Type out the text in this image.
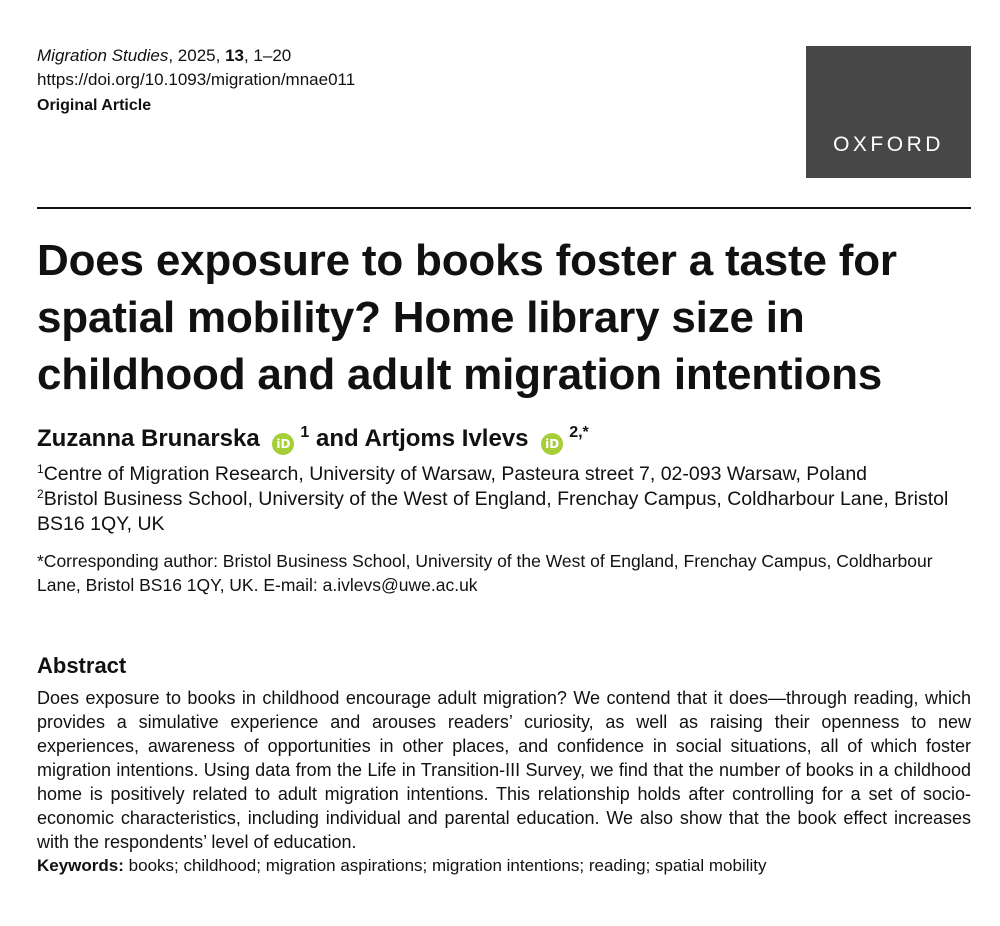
Migration Studies, 2025, 13, 1–20
https://doi.org/10.1093/migration/mnae011
Original Article
OXFORD
Does exposure to books foster a taste for spatial mobility? Home library size in childhood and adult migration intentions
Zuzanna Brunarska iD$^1$ and Artjoms Ivlevs iD$^{2,*}$
$^1$Centre of Migration Research, University of Warsaw, Pasteura street 7, 02-093 Warsaw, Poland
$^2$Bristol Business School, University of the West of England, Frenchay Campus, Coldharbour Lane, Bristol BS16 1QY, UK
*Corresponding author: Bristol Business School, University of the West of England, Frenchay Campus, Coldharbour Lane, Bristol BS16 1QY, UK. E-mail: a.ivlevs@uwe.ac.uk
Abstract

Does exposure to books in childhood encourage adult migration? We contend that it does—through reading, which provides a simulative experience and arouses readers’ curiosity, as well as raising their openness to new experiences, awareness of opportunities in other places, and confidence in social situations, all of which foster migration intentions. Using data from the Life in Transition-III Survey, we find that the number of books in a childhood home is positively related to adult migration intentions. This relationship holds after controlling for a set of socio-economic characteristics, including individual and parental education. We also show that the book effect increases with the respondents’ level of education.

Keywords: books; childhood; migration aspirations; migration intentions; reading; spatial mobility
